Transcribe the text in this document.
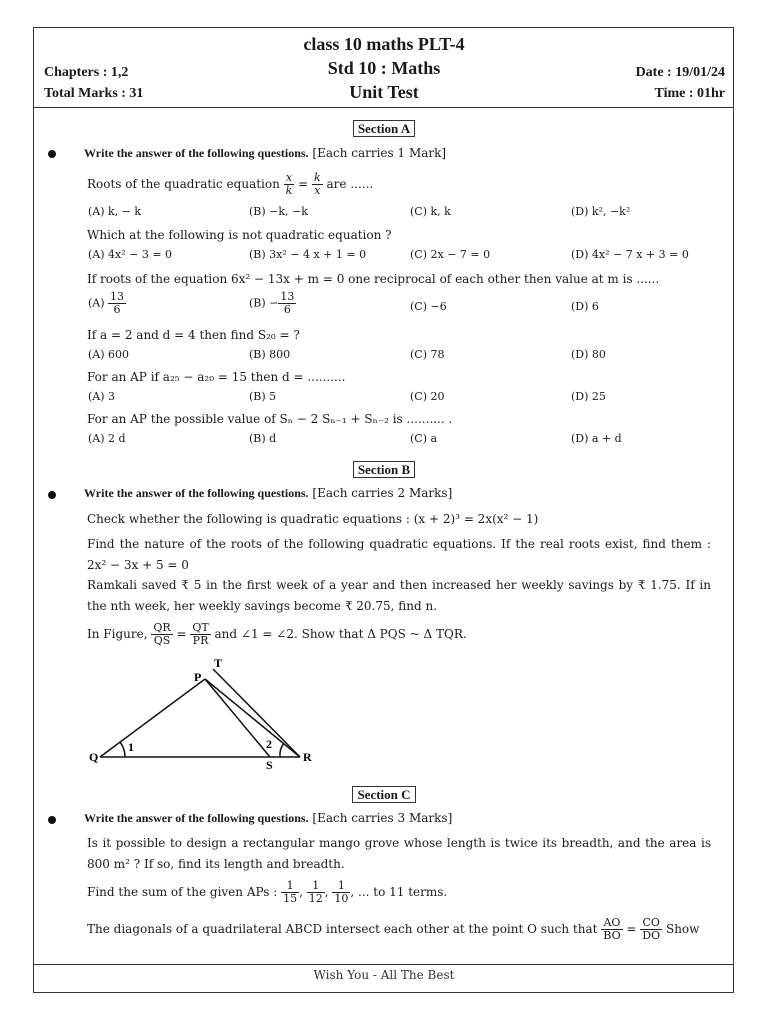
class 10 maths PLT-4
Std 10 : Maths
Unit Test
Chapters : 1,2
Total Marks : 31
Date : 19/01/24
Time : 01hr
Section A
Write the answer of the following questions. [Each carries 1 Mark]
Roots of the quadratic equation $\frac{x}{k} = \frac{k}{x}$ are ......
(A) k, − k	(B) −k, −k	(C) k, k	(D) k², −k²
Which at the following is not quadratic equation ?
(A) 4x² − 3 = 0	(B) 3x² − 4 x + 1 = 0	(C) 2x − 7 = 0	(D) 4x² − 7 x + 3 = 0
If roots of the equation 6x² − 13x + m = 0 one reciprocal of each other then value at m is ......
$(A) \frac{13}{6}$	$(B) - \frac{13}{6}$	(C) −6	(D) 6
If a = 2 and d = 4 then find S₂₀ = ?
(A) 600	(B) 800	(C) 78	(D) 80
For an AP if a₂₅ − a₂₀ = 15 then d = ..........
(A) 3	(B) 5	(C) 20	(D) 25
For an AP the possible value of Sₙ − 2 Sₙ₋₁ + Sₙ₋₂ is .......... .
(A) 2 d	(B) d	(C) a	(D) a + d
Section B
Write the answer of the following questions. [Each carries 2 Marks]
Check whether the following is quadratic equations : (x + 2)³ = 2x(x² − 1)
Find the nature of the roots of the following quadratic equations. If the real roots exist, find them : 2x² − 3x + 5 = 0
Ramkali saved ₹ 5 in the first week of a year and then increased her weekly savings by ₹ 1.75. If in the nth week, her weekly savings become ₹ 20.75, find n.
In Figure, $\frac{QR}{QS} = \frac{QT}{PR}$ and ∠1 = ∠2. Show that Δ PQS ~ Δ TQR.
T
P
Q	R
S
1	2
Section C
Write the answer of the following questions. [Each carries 3 Marks]
Is it possible to design a rectangular mango grove whose length is twice its breadth, and the area is 800 m² ? If so, find its length and breadth.
Find the sum of the given APs : $\frac{1}{15}$ , $\frac{1}{12}$ , $\frac{1}{10}$ , ... to 11 terms.
The diagonals of a quadrilateral ABCD intersect each other at the point O such that $\frac{AO}{BO} = \frac{CO}{DO}$ Show
Wish You - All The Best
